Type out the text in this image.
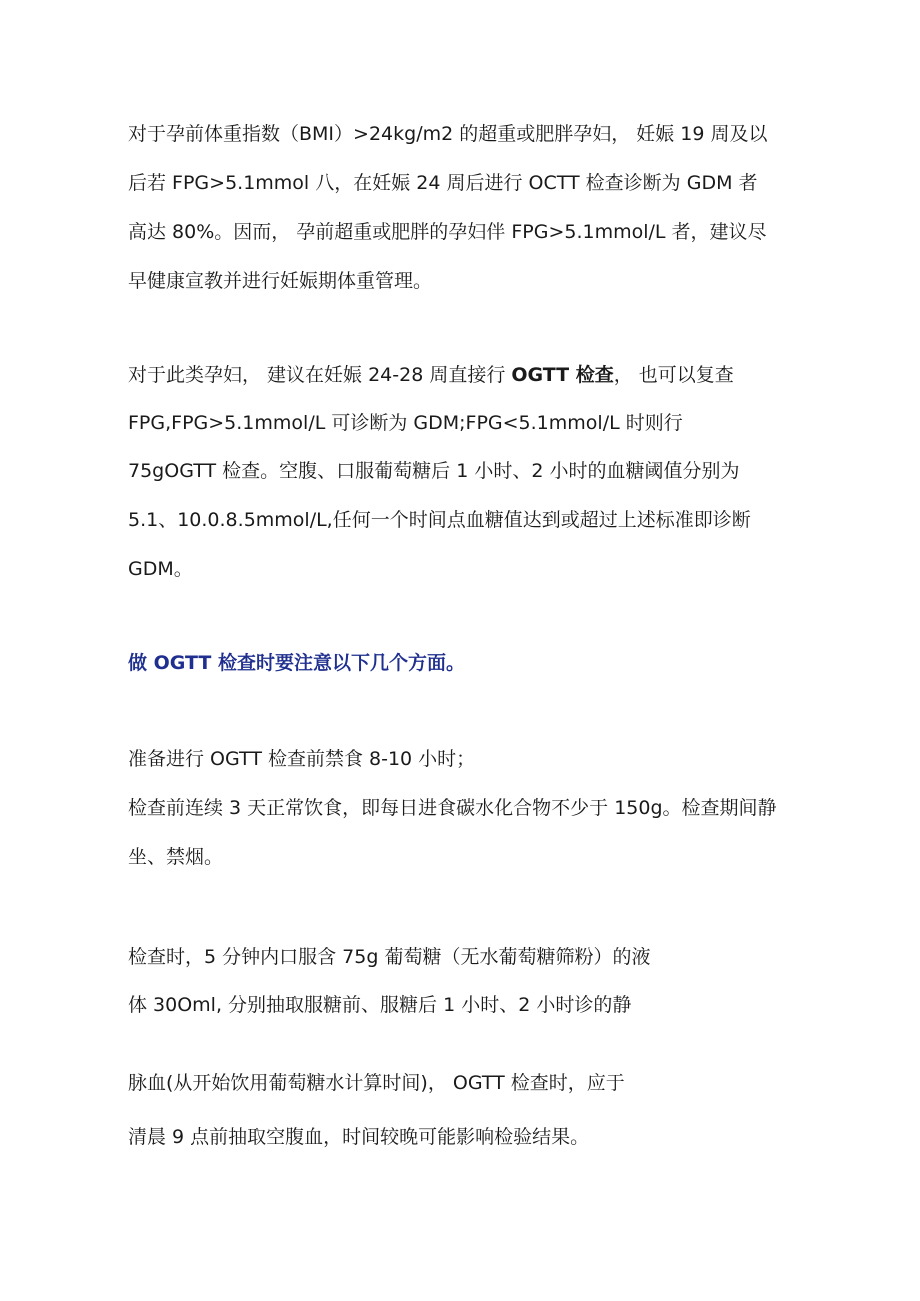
对于孕前体重指数（BMI）>24kg∕m2 的超重或肥胖孕妇， 妊娠 19 周及以
后若 FPG>5.1mmol 八，在妊娠 24 周后进行 OCTT 检查诊断为 GDM 者
高达 80%。因而， 孕前超重或肥胖的孕妇伴 FPG>5.1mmol/L 者，建议尽
早健康宣教并进行妊娠期体重管理。
对于此类孕妇， 建议在妊娠 24-28 周直接行 OGTT 检查， 也可以复查
FPG,FPG>5.1mmol/L 可诊断为 GDM;FPG<5.1mmol/L 时则行
75gOGTT 检查。空腹、口服葡萄糖后 1 小时、2 小时的血糖阈值分别为
5.1、10.0.8.5mmol/L,任何一个时间点血糖值达到或超过上述标准即诊断
GDM。
做 OGTT 检查时要注意以下几个方面。
准备进行 OGTT 检查前禁食 8-10 小时；
检查前连续 3 天正常饮食，即每日进食碳水化合物不少于 150g。检查期间静
坐、禁烟。
检查时，5 分钟内口服含 75g 葡萄糖（无水葡萄糖筛粉）的液
体 30Oml, 分别抽取服糖前、服糖后 1 小时、2 小时诊的静
脉血(从开始饮用葡萄糖水计算时间)， OGTT 检查时，应于
清晨 9 点前抽取空腹血，时间较晚可能影响检验结果。
